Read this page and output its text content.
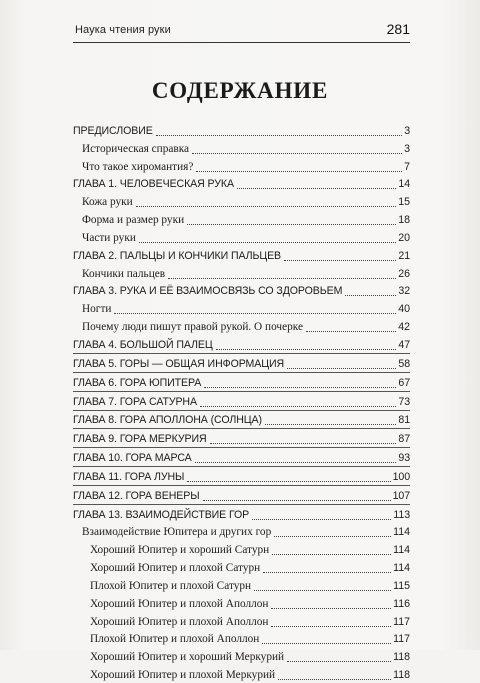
Наука чтения руки	281
СОДЕРЖАНИЕ
ПРЕДИСЛОВИЕ	3
Историческая справка	3
Что такое хиромантия?	7
ГЛАВА 1. ЧЕЛОВЕЧЕСКАЯ РУКА	14
Кожа руки	15
Форма и размер руки	18
Части руки	20
ГЛАВА 2. ПАЛЬЦЫ И КОНЧИКИ ПАЛЬЦЕВ	21
Кончики пальцев	26
ГЛАВА 3. РУКА И ЕЁ ВЗАИМОСВЯЗЬ СО ЗДОРОВЬЕМ	32
Ногти	40
Почему люди пишут правой рукой. О почерке	42
ГЛАВА 4. БОЛЬШОЙ ПАЛЕЦ	47
ГЛАВА 5. ГОРЫ — ОБЩАЯ ИНФОРМАЦИЯ	58
ГЛАВА 6. ГОРА ЮПИТЕРА	67
ГЛАВА 7. ГОРА САТУРНА	73
ГЛАВА 8. ГОРА АПОЛЛОНА (СОЛНЦА)	81
ГЛАВА 9. ГОРА МЕРКУРИЯ	87
ГЛАВА 10. ГОРА МАРСА	93
ГЛАВА 11. ГОРА ЛУНЫ	100
ГЛАВА 12. ГОРА ВЕНЕРЫ	107
ГЛАВА 13. ВЗАИМОДЕЙСТВИЕ ГОР	113
Взаимодействие Юпитера и других гор	114
Хороший Юпитер и хороший Сатурн	114
Хороший Юпитер и плохой Сатурн	114
Плохой Юпитер и плохой Сатурн	115
Хороший Юпитер и плохой Аполлон	116
Хороший Юпитер и плохой Аполлон	117
Плохой Юпитер и плохой Аполлон	117
Хороший Юпитер и хороший Меркурий	118
Хороший Юпитер и плохой Меркурий	118
